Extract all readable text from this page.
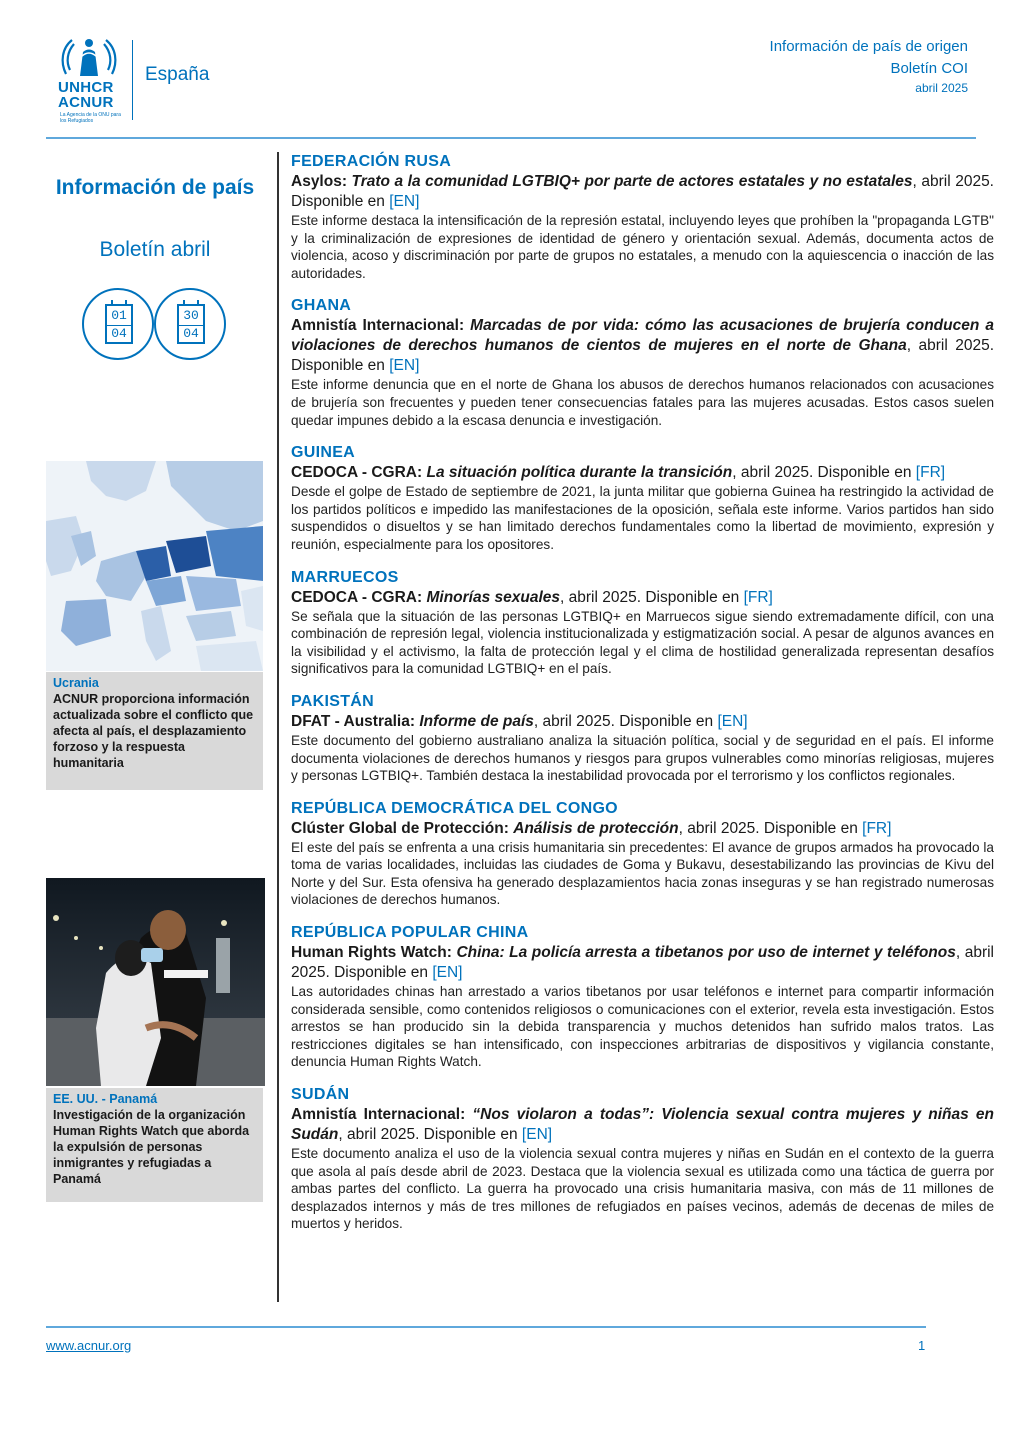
UNHCR
ACNUR
La Agencia de la ONU para los Refugiados
España
Información de país de origen
Boletín COI
abril 2025
Información de país
Boletín abril
01
04
30
04
Ucrania
ACNUR proporciona información actualizada sobre el conflicto que afecta al país, el desplazamiento forzoso y la respuesta humanitaria
EE. UU. - Panamá
Investigación de la organización Human Rights Watch que aborda la expulsión de personas inmigrantes y refugiadas a Panamá
FEDERACIÓN RUSA
Asylos: Trato a la comunidad LGTBIQ+ por parte de actores estatales y no estatales, abril 2025. Disponible en [EN]

Este informe destaca la intensificación de la represión estatal, incluyendo leyes que prohíben la "propaganda LGTB" y la criminalización de expresiones de identidad de género y orientación sexual. Además, documenta actos de violencia, acoso y discriminación por parte de grupos no estatales, a menudo con la aquiescencia o inacción de las autoridades.

GHANA
Amnistía Internacional: Marcadas de por vida: cómo las acusaciones de brujería conducen a violaciones de derechos humanos de cientos de mujeres en el norte de Ghana, abril 2025. Disponible en [EN]

Este informe denuncia que en el norte de Ghana los abusos de derechos humanos relacionados con acusaciones de brujería son frecuentes y pueden tener consecuencias fatales para las mujeres acusadas. Estos casos suelen quedar impunes debido a la escasa denuncia e investigación.

GUINEA
CEDOCA - CGRA: La situación política durante la transición, abril 2025. Disponible en [FR]

Desde el golpe de Estado de septiembre de 2021, la junta militar que gobierna Guinea ha restringido la actividad de los partidos políticos e impedido las manifestaciones de la oposición, señala este informe. Varios partidos han sido suspendidos o disueltos y se han limitado derechos fundamentales como la libertad de movimiento, expresión y reunión, especialmente para los opositores.

MARRUECOS
CEDOCA - CGRA: Minorías sexuales, abril 2025. Disponible en [FR]

Se señala que la situación de las personas LGTBIQ+ en Marruecos sigue siendo extremadamente difícil, con una combinación de represión legal, violencia institucionalizada y estigmatización social. A pesar de algunos avances en la visibilidad y el activismo, la falta de protección legal y el clima de hostilidad generalizada representan desafíos significativos para la comunidad LGTBIQ+ en el país.

PAKISTÁN
DFAT - Australia: Informe de país, abril 2025. Disponible en [EN]

Este documento del gobierno australiano analiza la situación política, social y de seguridad en el país. El informe documenta violaciones de derechos humanos y riesgos para grupos vulnerables como minorías religiosas, mujeres y personas LGTBIQ+. También destaca la inestabilidad provocada por el terrorismo y los conflictos regionales.

REPÚBLICA DEMOCRÁTICA DEL CONGO
Clúster Global de Protección: Análisis de protección, abril 2025. Disponible en [FR]

El este del país se enfrenta a una crisis humanitaria sin precedentes: El avance de grupos armados ha provocado la toma de varias localidades, incluidas las ciudades de Goma y Bukavu, desestabilizando las provincias de Kivu del Norte y del Sur. Esta ofensiva ha generado desplazamientos hacia zonas inseguras y se han registrado numerosas violaciones de derechos humanos.

REPÚBLICA POPULAR CHINA
Human Rights Watch: China: La policía arresta a tibetanos por uso de internet y teléfonos, abril 2025. Disponible en [EN]

Las autoridades chinas han arrestado a varios tibetanos por usar teléfonos e internet para compartir información considerada sensible, como contenidos religiosos o comunicaciones con el exterior, revela esta investigación. Estos arrestos se han producido sin la debida transparencia y muchos detenidos han sufrido malos tratos. Las restricciones digitales se han intensificado, con inspecciones arbitrarias de dispositivos y vigilancia constante, denuncia Human Rights Watch.

SUDÁN
Amnistía Internacional: “Nos violaron a todas”: Violencia sexual contra mujeres y niñas en Sudán, abril 2025. Disponible en [EN]

Este documento analiza el uso de la violencia sexual contra mujeres y niñas en Sudán en el contexto de la guerra que asola al país desde abril de 2023. Destaca que la violencia sexual es utilizada como una táctica de guerra por ambas partes del conflicto. La guerra ha provocado una crisis humanitaria masiva, con más de 11 millones de desplazados internos y más de tres millones de refugiados en países vecinos, además de decenas de miles de muertos y heridos.

www.acnur.org	1
